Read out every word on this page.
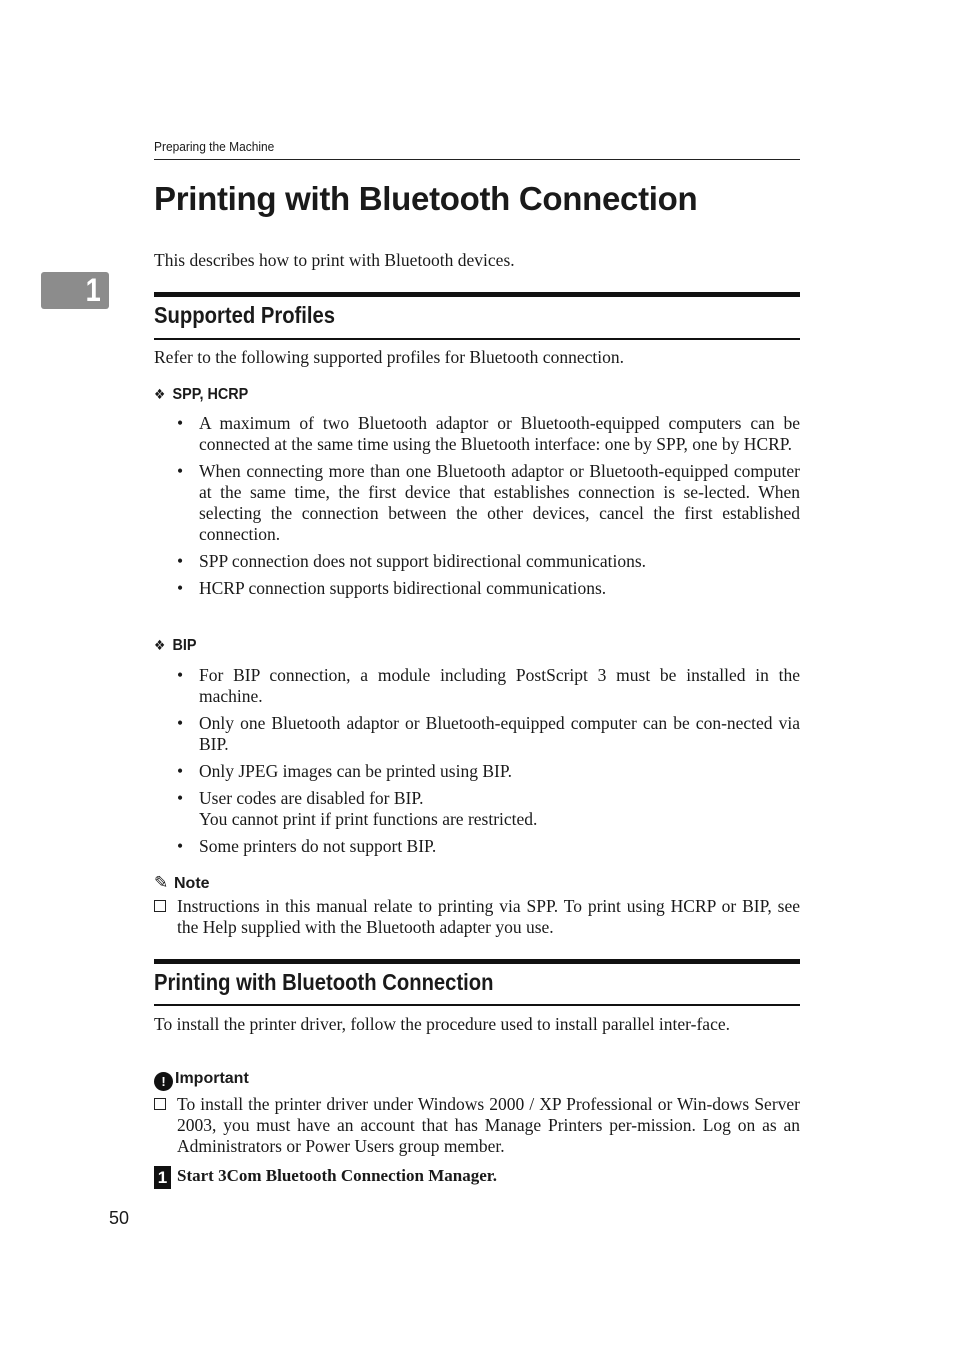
Preparing the Machine
1
Printing with Bluetooth Connection

This describes how to print with Bluetooth devices.

Supported Profiles

Refer to the following supported profiles for Bluetooth connection.

❖ SPP, HCRP
• A maximum of two Bluetooth adaptor or Bluetooth-equipped computers can be connected at the same time using the Bluetooth interface: one by SPP, one by HCRP.
• When connecting more than one Bluetooth adaptor or Bluetooth-equipped computer at the same time, the first device that establishes connection is se-lected. When selecting the connection between the other devices, cancel the first established connection.
• SPP connection does not support bidirectional communications.
• HCRP connection supports bidirectional communications.
❖ BIP
• For BIP connection, a module including PostScript 3 must be installed in the machine.
• Only one Bluetooth adaptor or Bluetooth-equipped computer can be con-nected via BIP.
• Only JPEG images can be printed using BIP.
• User codes are disabled for BIP.
You cannot print if print functions are restricted.
• Some printers do not support BIP.
✎ Note
Instructions in this manual relate to printing via SPP. To print using HCRP or BIP, see the Help supplied with the Bluetooth adapter you use.
Printing with Bluetooth Connection

To install the printer driver, follow the procedure used to install parallel inter-face.

! Important
To install the printer driver under Windows 2000 / XP Professional or Win-dows Server 2003, you must have an account that has Manage Printers per-mission. Log on as an Administrators or Power Users group member.
1 Start 3Com Bluetooth Connection Manager.
50
